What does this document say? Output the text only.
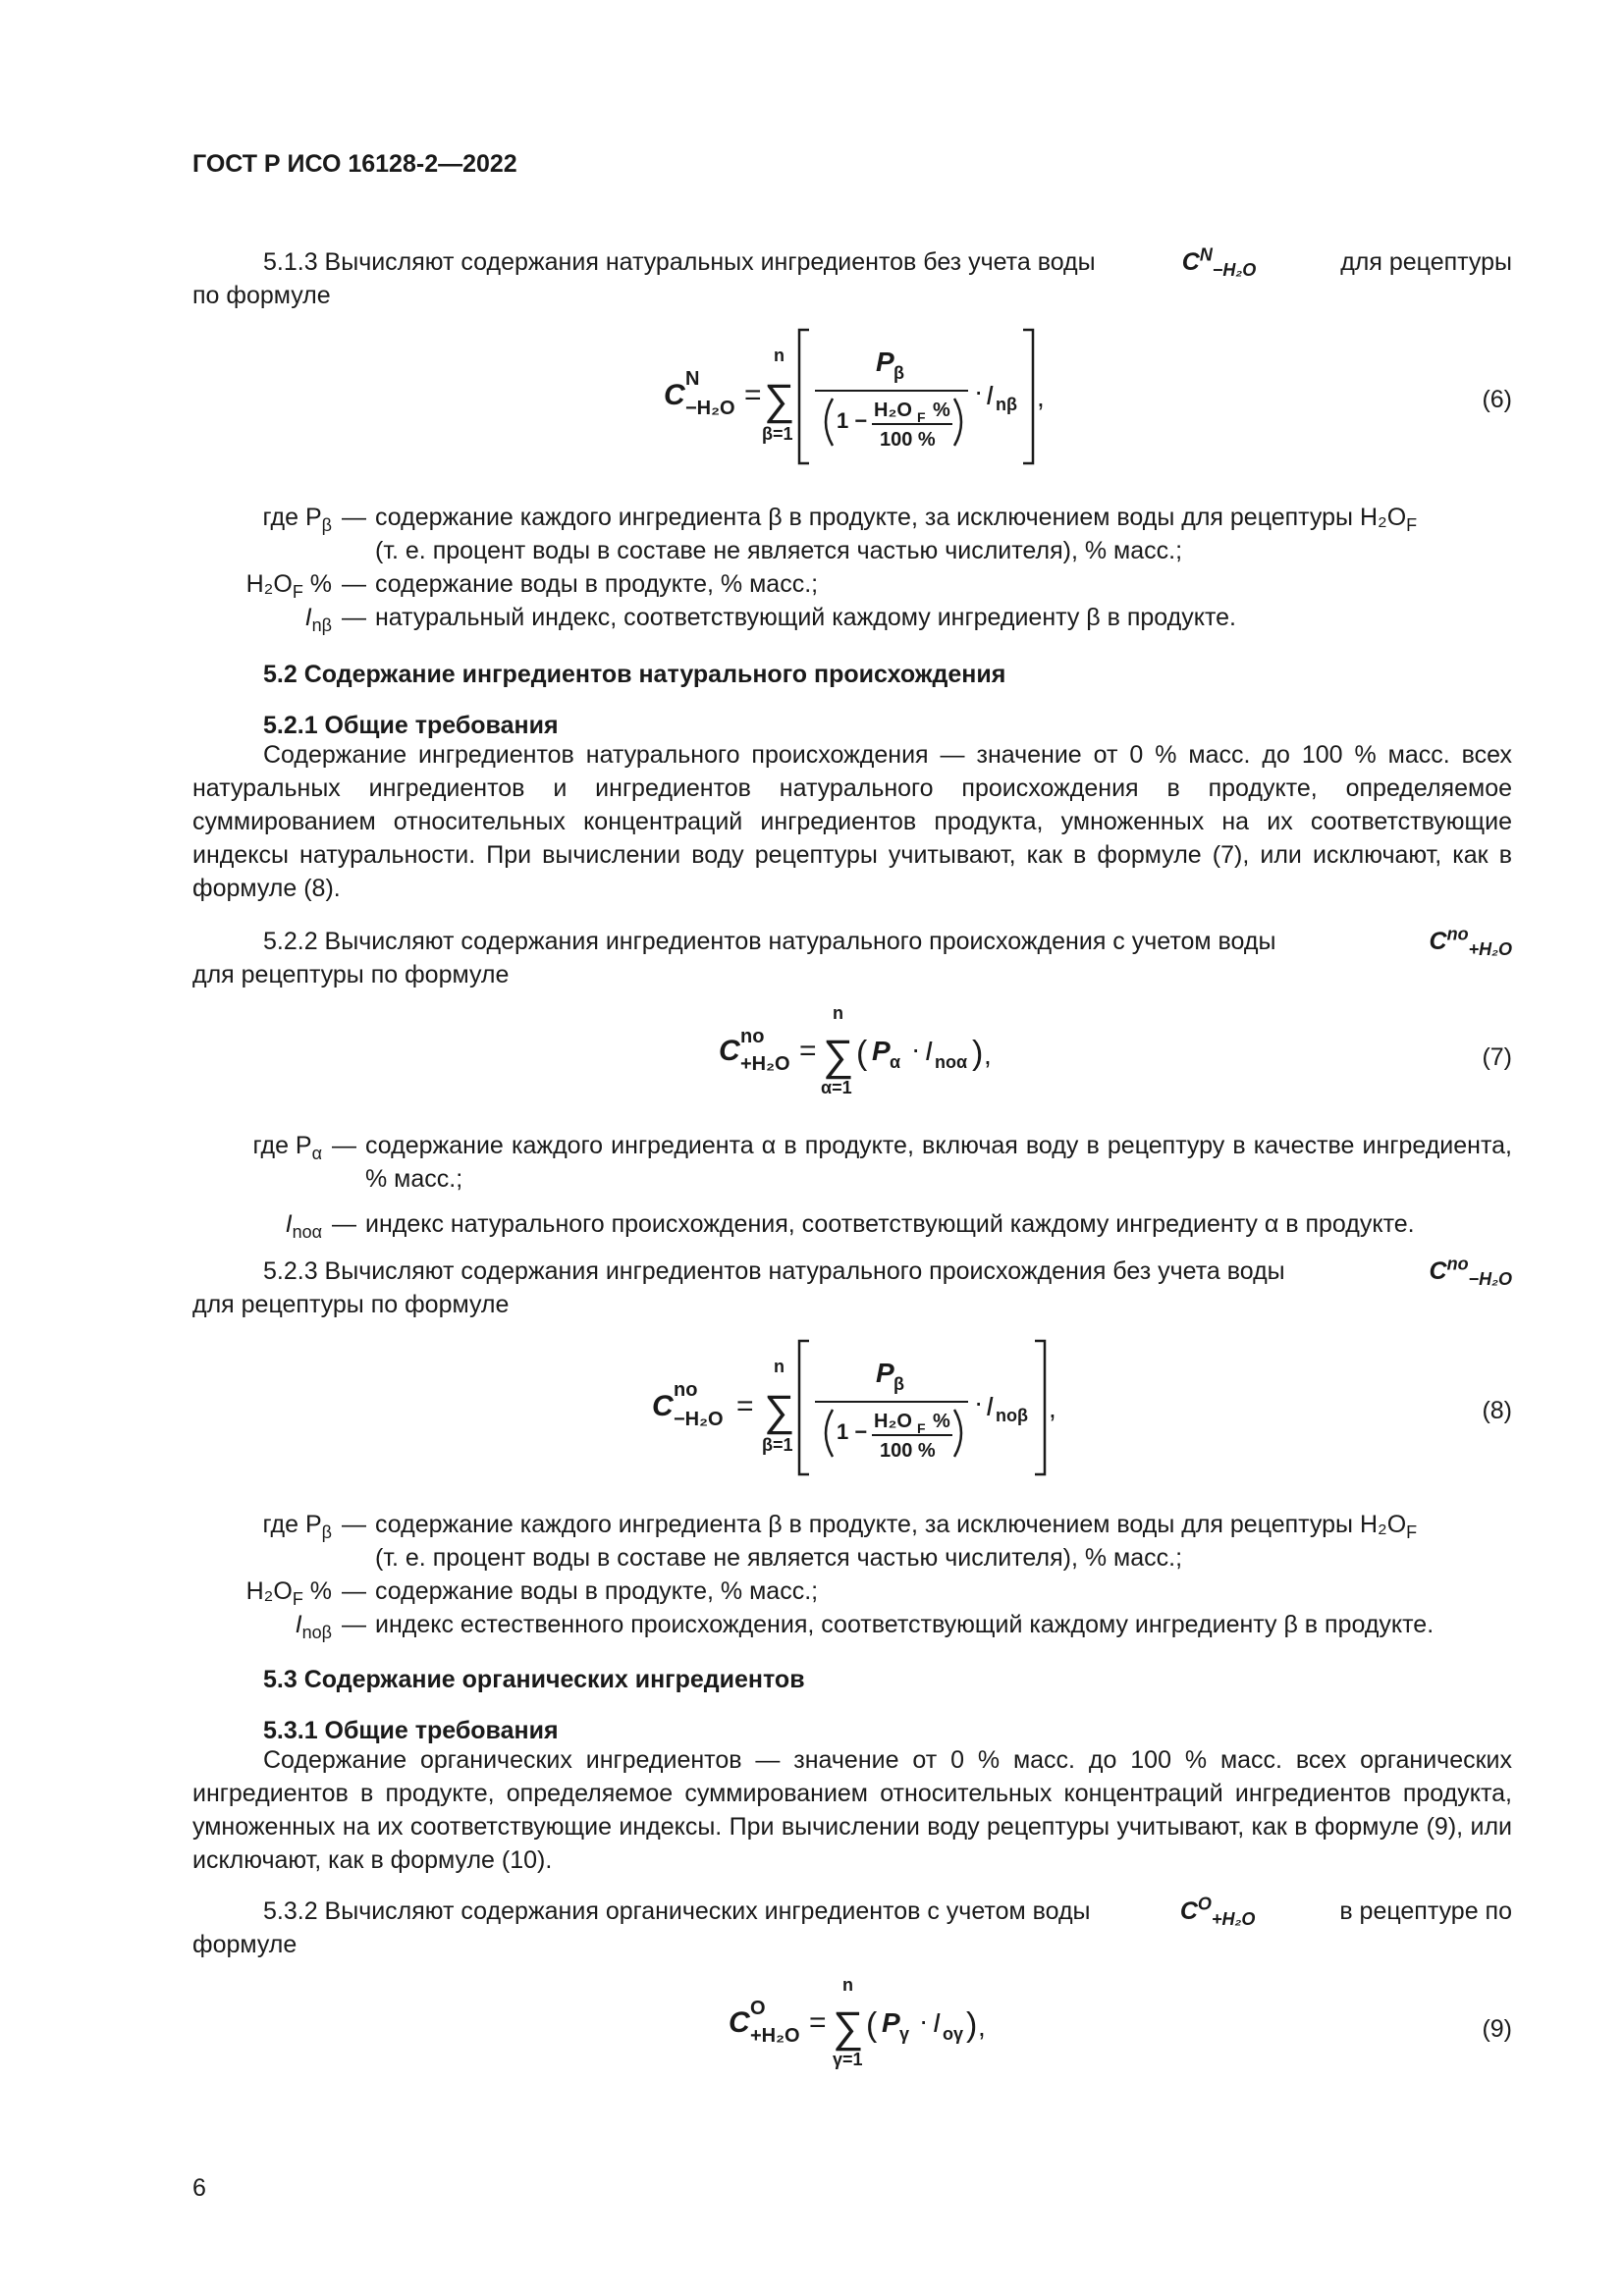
ГОСТ Р ИСО 16128-2—2022
5.1.3 Вычисляют содержания натуральных ингредиентов без учета воды	$C^N_{-H_2O}$	для рецептуры
по формуле
C N
−H₂O =
n
∑
β=1
P β
1 − H₂O F %
100 %
· I nβ ,	(6)
где $P_\beta$ — содержание каждого ингредиента β в продукте, за исключением воды для рецептуры $H_2O_F$
(т. е. процент воды в составе не является частью числителя), % масс.;
$H_2O_F$ % — содержание воды в продукте, % масс.;
$I_{n\beta}$ — натуральный индекс, соответствующий каждому ингредиенту β в продукте.
5.2 Содержание ингредиентов натурального происхождения
5.2.1 Общие требования
Содержание ингредиентов натурального происхождения — значение от 0 % масс. до 100 % масс. всех натуральных ингредиентов и ингредиентов натурального происхождения в продукте, определяемое суммированием относительных концентраций ингредиентов продукта, умноженных на их соответствующие индексы натуральности. При вычислении воду рецептуры учитывают, как в формуле (7), или исключают, как в формуле (8).
5.2.2 Вычисляют содержания ингредиентов натурального происхождения с учетом воды	$C^{no}_{+H_2O}$
для рецептуры по формуле
C no
+H₂O =
n
∑
α=1
( P α · I noα ) ,	(7)
где $P_\alpha$ — содержание каждого ингредиента α в продукте, включая воду в рецептуру в качестве ингредиента, % масс.;
$I_{no\alpha}$ — индекс натурального происхождения, соответствующий каждому ингредиенту α в продукте.
5.2.3 Вычисляют содержания ингредиентов натурального происхождения без учета воды	$C^{no}_{-H_2O}$
для рецептуры по формуле
C no
−H₂O =
n
∑
β=1
P β
1 − H₂O F %
100 %
· I noβ ,	(8)
где $P_\beta$ — содержание каждого ингредиента β в продукте, за исключением воды для рецептуры $H_2O_F$
(т. е. процент воды в составе не является частью числителя), % масс.;
$H_2O_F$ % — содержание воды в продукте, % масс.;
$I_{no\beta}$ — индекс естественного происхождения, соответствующий каждому ингредиенту β в продукте.
5.3 Содержание органических ингредиентов
5.3.1 Общие требования
Содержание органических ингредиентов — значение от 0 % масс. до 100 % масс. всех органических ингредиентов в продукте, определяемое суммированием относительных концентраций ингредиентов продукта, умноженных на их соответствующие индексы. При вычислении воду рецептуры учитывают, как в формуле (9), или исключают, как в формуле (10).
5.3.2 Вычисляют содержания органических ингредиентов с учетом воды	$C^O_{+H_2O}$	в рецептуре по
формуле
C O
+H₂O =
n
∑
γ=1
( P γ · I oγ ) ,	(9)
6
